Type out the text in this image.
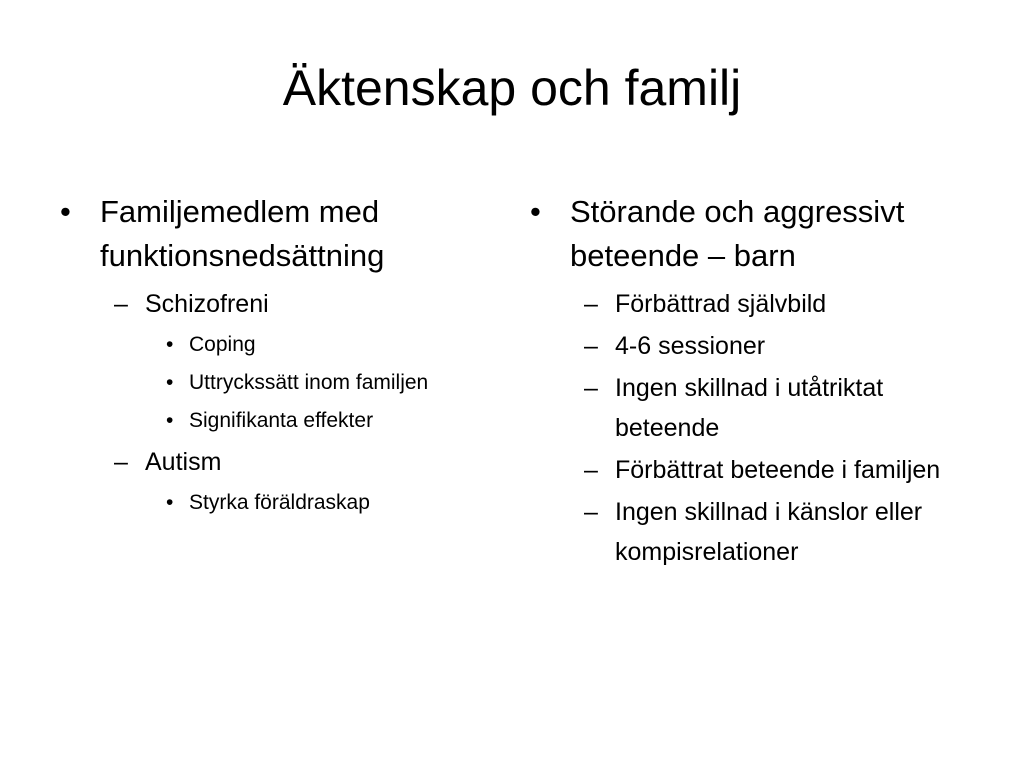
Äktenskap och familj
• Familjemedlem med funktionsnedsättning
– Schizofreni
• Coping
• Uttryckssätt inom familjen
• Signifikanta effekter
– Autism
• Styrka föräldraskap
• Störande och aggressivt beteende – barn
– Förbättrad självbild
– 4-6 sessioner
– Ingen skillnad i utåtriktat beteende
– Förbättrat beteende i familjen
– Ingen skillnad i känslor eller kompisrelationer
